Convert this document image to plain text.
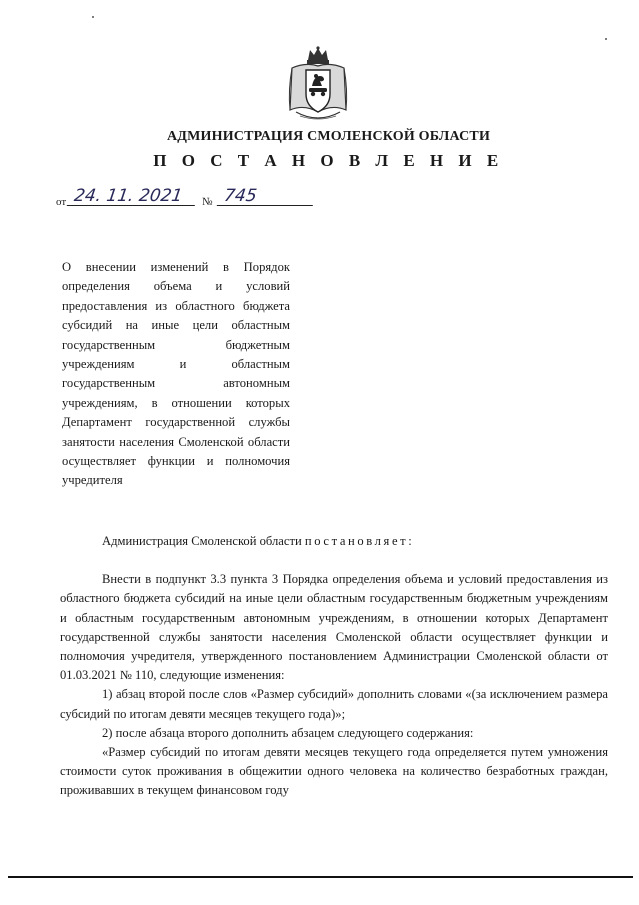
АДМИНИСТРАЦИЯ СМОЛЕНСКОЙ ОБЛАСТИ
П О С Т А Н О В Л Е Н И Е
от 24. 11. 2021	№ 745
О внесении изменений в Порядок определения объема и условий предоставления из областного бюджета субсидий на иные цели областным государственным бюджетным учреждениям и областным государственным автономным учреждениям, в отношении которых Департамент государственной службы занятости населения Смоленской области осуществляет функции и полномочия учредителя

Администрация Смоленской области постановляет:

Внести в подпункт 3.3 пункта 3 Порядка определения объема и условий предоставления из областного бюджета субсидий на иные цели областным государственным бюджетным учреждениям и областным государственным автономным учреждениям, в отношении которых Департамент государственной службы занятости населения Смоленской области осуществляет функции и полномочия учредителя, утвержденного постановлением Администрации Смоленской области от 01.03.2021 № 110, следующие изменения:

1) абзац второй после слов «Размер субсидий» дополнить словами «(за исключением размера субсидий по итогам девяти месяцев текущего года)»;

2) после абзаца второго дополнить абзацем следующего содержания:

«Размер субсидий по итогам девяти месяцев текущего года определяется путем умножения стоимости суток проживания в общежитии одного человека на количество безработных граждан, проживавших в текущем финансовом году
